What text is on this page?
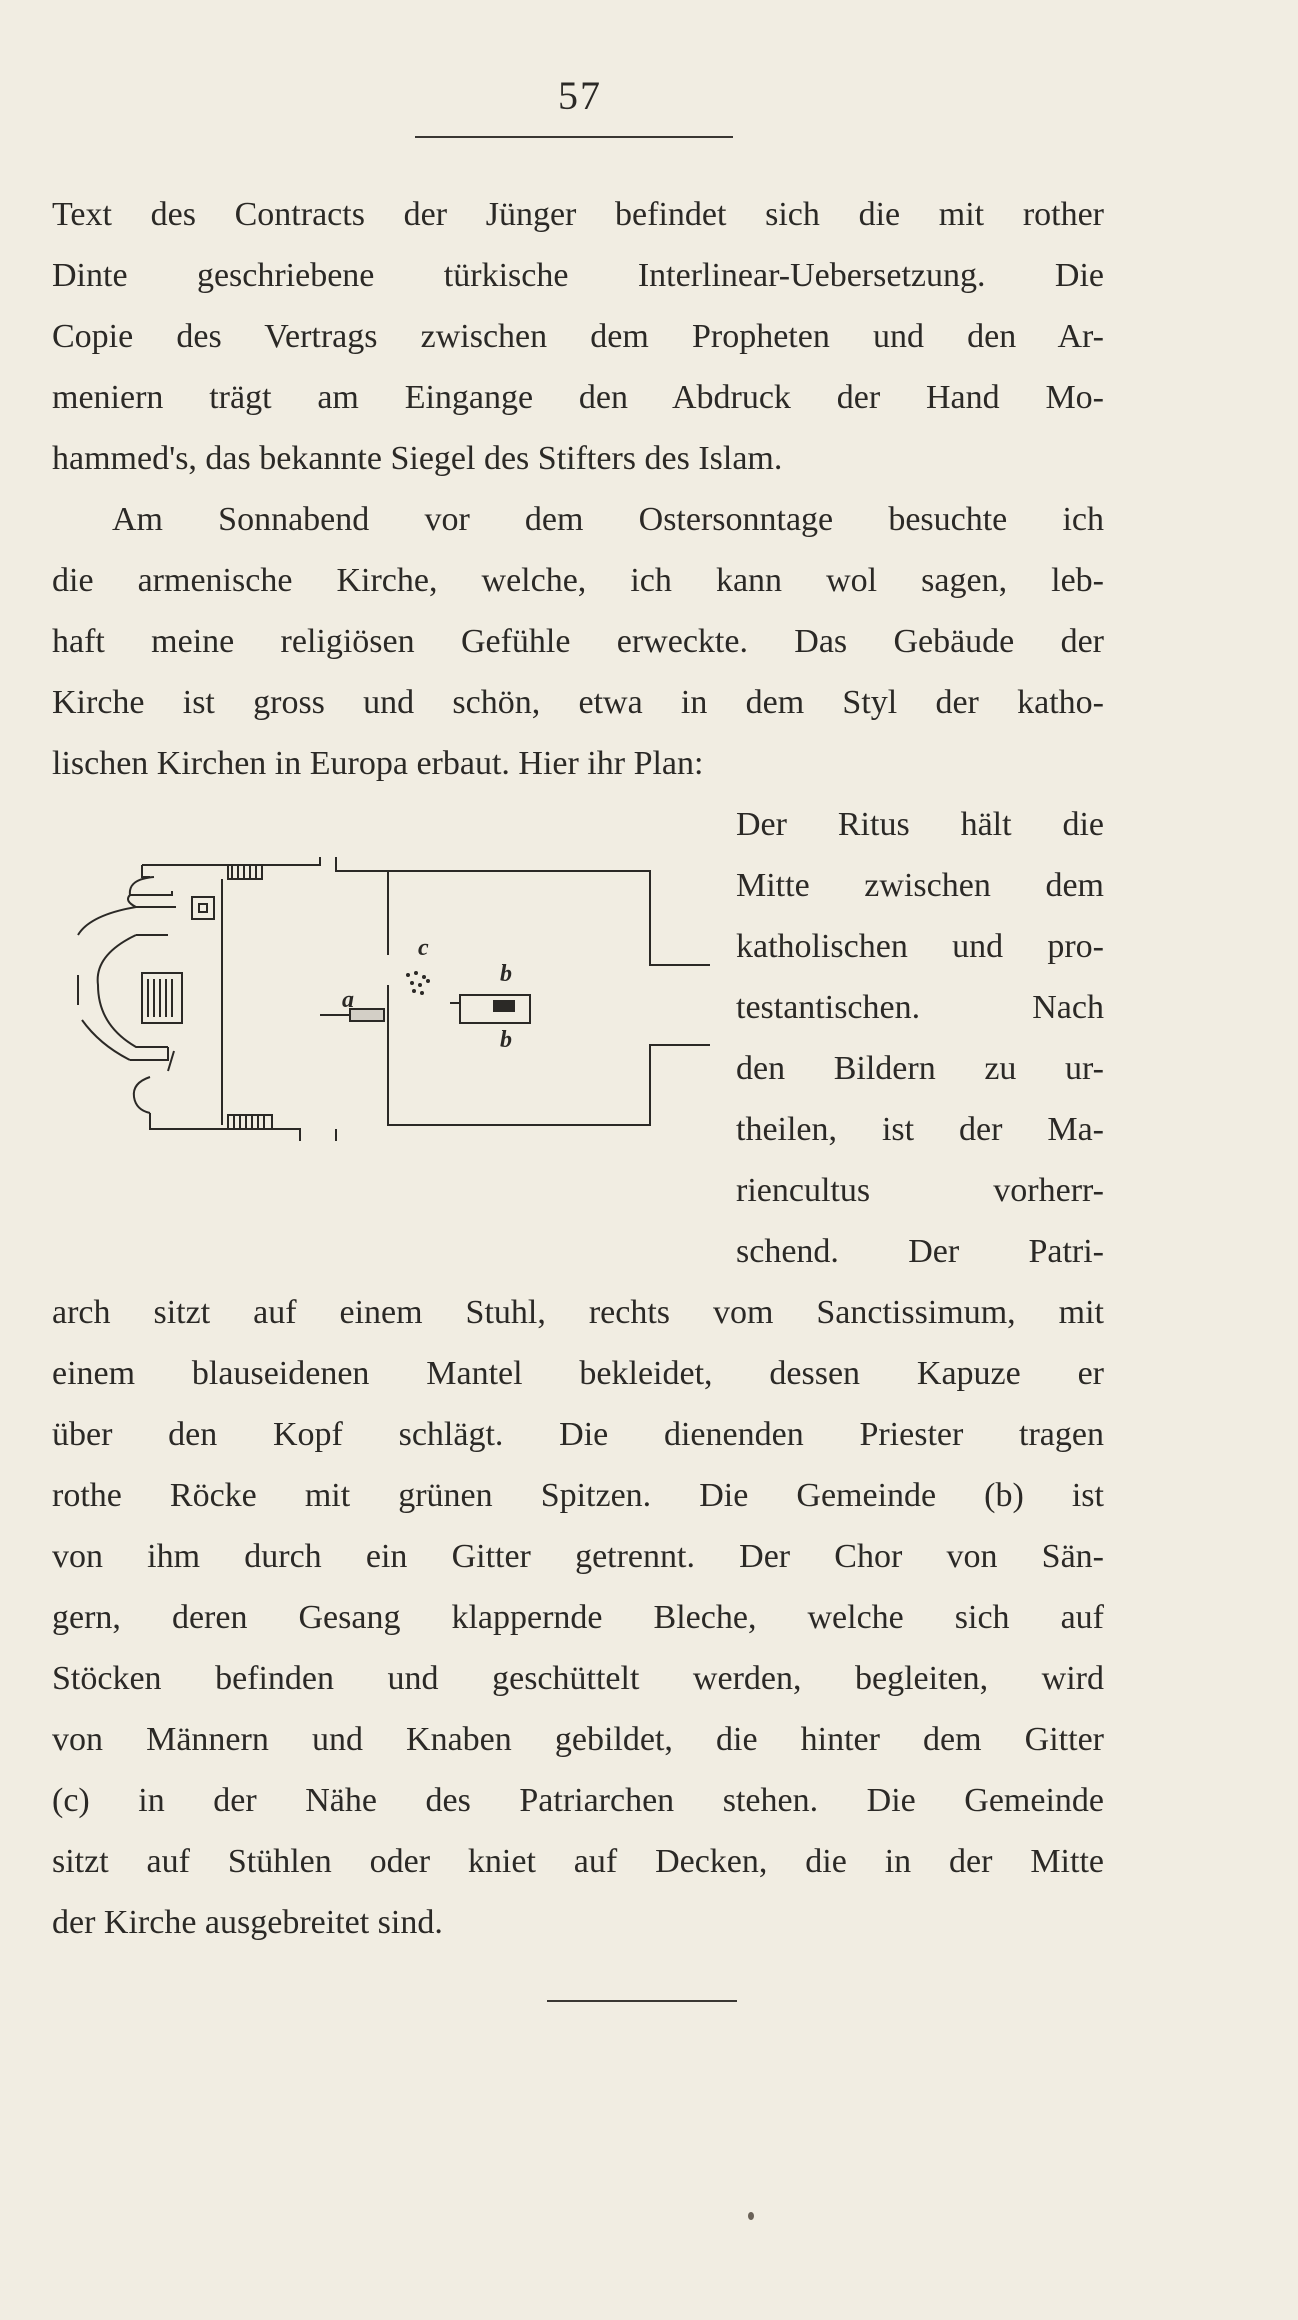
57
Text des Contracts der Jünger befindet sich die mit rother
Dinte geschriebene türkische Interlinear-Uebersetzung. Die
Copie des Vertrags zwischen dem Propheten und den Ar-
meniern trägt am Eingange den Abdruck der Hand Mo-
hammed's, das bekannte Siegel des Stifters des Islam.
Am Sonnabend vor dem Ostersonntage besuchte ich
die armenische Kirche, welche, ich kann wol sagen, leb-
haft meine religiösen Gefühle erweckte. Das Gebäude der
Kirche ist gross und schön, etwa in dem Styl der katho-
lischen Kirchen in Europa erbaut. Hier ihr Plan:
Der Ritus hält die
Mitte zwischen dem
katholischen und pro-
testantischen. Nach
den Bildern zu ur-
theilen, ist der Ma-
riencultus vorherr-
schend. Der Patri-
c
b
b
a
arch sitzt auf einem Stuhl, rechts vom Sanctissimum, mit
einem blauseidenen Mantel bekleidet, dessen Kapuze er
über den Kopf schlägt. Die dienenden Priester tragen
rothe Röcke mit grünen Spitzen. Die Gemeinde (b) ist
von ihm durch ein Gitter getrennt. Der Chor von Sän-
gern, deren Gesang klappernde Bleche, welche sich auf
Stöcken befinden und geschüttelt werden, begleiten, wird
von Männern und Knaben gebildet, die hinter dem Gitter
(c) in der Nähe des Patriarchen stehen. Die Gemeinde
sitzt auf Stühlen oder kniet auf Decken, die in der Mitte
der Kirche ausgebreitet sind.
